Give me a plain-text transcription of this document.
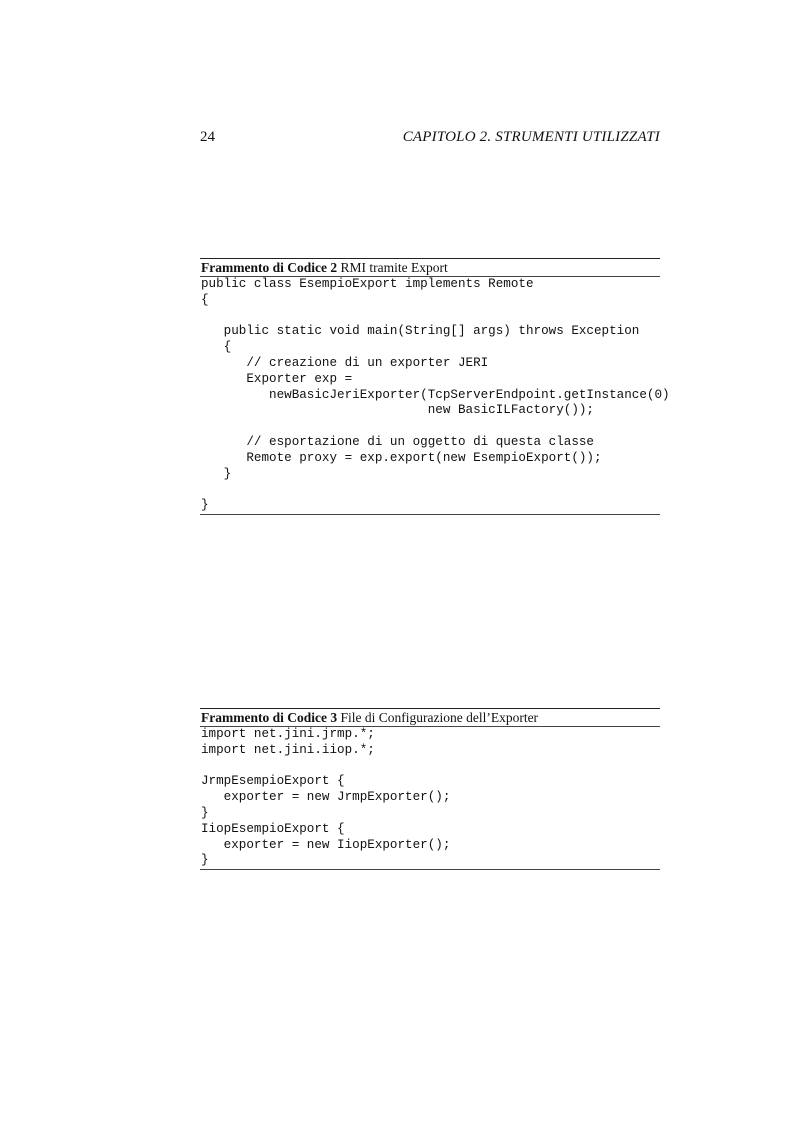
24	CAPITOLO 2. STRUMENTI UTILIZZATI
Frammento di Codice 2 RMI tramite Export
public class EsempioExport implements Remote
{
public static void main(String[] args) throws Exception
{
// creazione di un exporter JERI
Exporter exp =
newBasicJeriExporter(TcpServerEndpoint.getInstance(0)
new BasicILFactory());
// esportazione di un oggetto di questa classe
Remote proxy = exp.export(new EsempioExport());
}
}
Frammento di Codice 3 File di Configurazione dell’Exporter
import net.jini.jrmp.*;
import net.jini.iiop.*;
JrmpEsempioExport {
exporter = new JrmpExporter();
}
IiopEsempioExport {
exporter = new IiopExporter();
}
